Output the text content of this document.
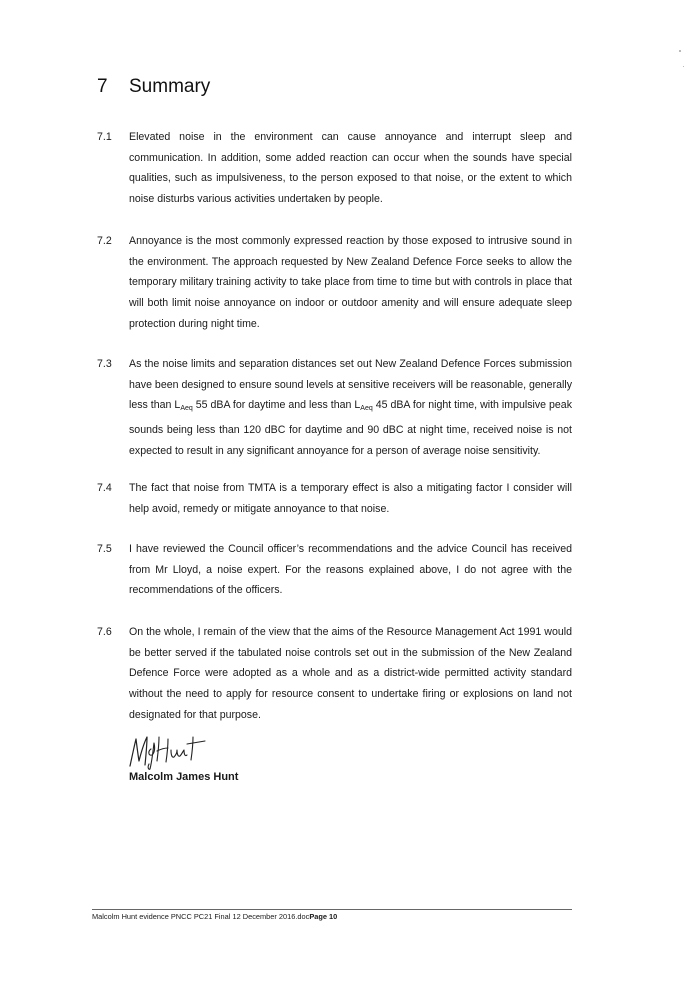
7 Summary
7.1 Elevated noise in the environment can cause annoyance and interrupt sleep and communication. In addition, some added reaction can occur when the sounds have special qualities, such as impulsiveness, to the person exposed to that noise, or the extent to which noise disturbs various activities undertaken by people.
7.2 Annoyance is the most commonly expressed reaction by those exposed to intrusive sound in the environment. The approach requested by New Zealand Defence Force seeks to allow the temporary military training activity to take place from time to time but with controls in place that will both limit noise annoyance on indoor or outdoor amenity and will ensure adequate sleep protection during night time.
7.3 As the noise limits and separation distances set out New Zealand Defence Forces submission have been designed to ensure sound levels at sensitive receivers will be reasonable, generally less than $L_{Aeq}$ 55 dBA for daytime and less than $L_{Aeq}$ 45 dBA for night time, with impulsive peak sounds being less than 120 dBC for daytime and 90 dBC at night time, received noise is not expected to result in any significant annoyance for a person of average noise sensitivity.
7.4 The fact that noise from TMTA is a temporary effect is also a mitigating factor I consider will help avoid, remedy or mitigate annoyance to that noise.
7.5 I have reviewed the Council officer’s recommendations and the advice Council has received from Mr Lloyd, a noise expert. For the reasons explained above, I do not agree with the recommendations of the officers.
7.6 On the whole, I remain of the view that the aims of the Resource Management Act 1991 would be better served if the tabulated noise controls set out in the submission of the New Zealand Defence Force were adopted as a whole and as a district-wide permitted activity standard without the need to apply for resource consent to undertake firing or explosions on land not designated for that purpose.
Malcolm James Hunt
Malcolm Hunt evidence PNCC PC21 Final 12 December 2016.docPage 10
